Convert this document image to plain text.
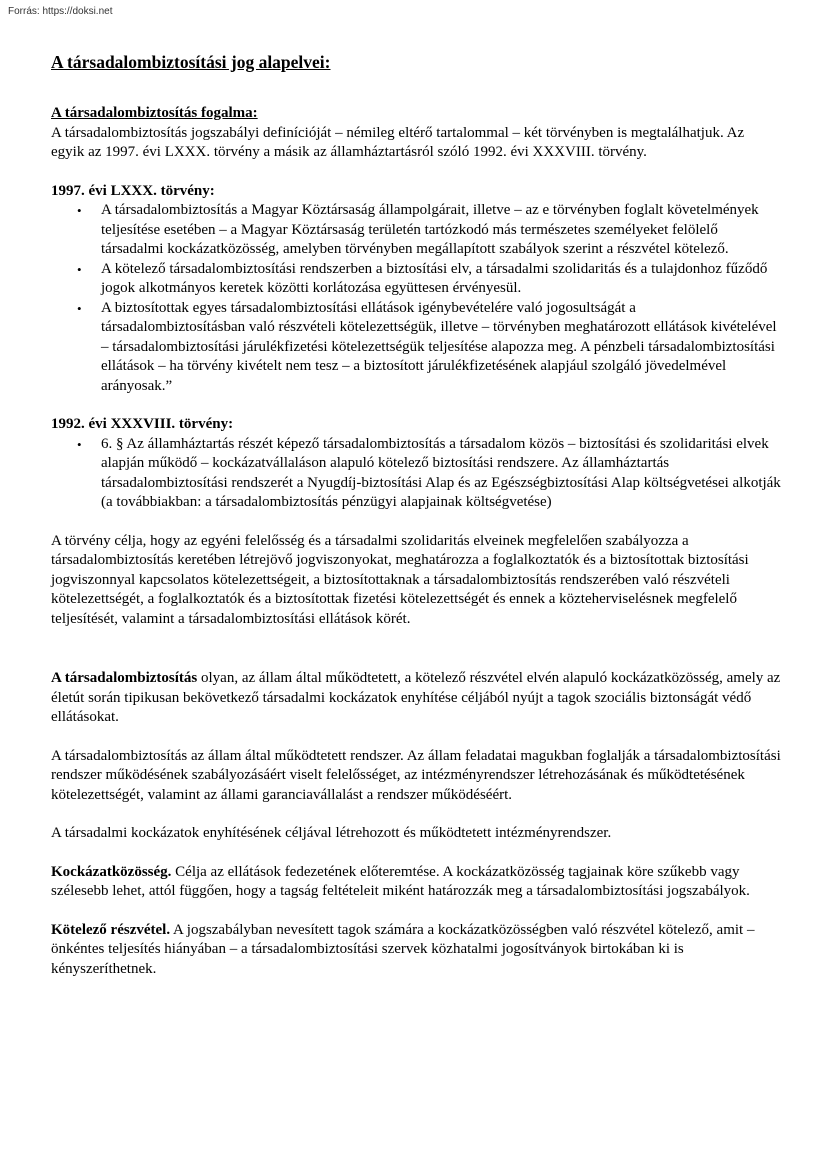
Forrás: https://doksi.net
A társadalombiztosítási jog alapelvei:

A társadalombiztosítás fogalma:

A társadalombiztosítás jogszabályi definícióját – némileg eltérő tartalommal – két törvényben is megtalálhatjuk. Az egyik az 1997. évi LXXX. törvény a másik az államháztartásról szóló 1992. évi XXXVIII. törvény.

1997. évi LXXX. törvény:

• A társadalombiztosítás a Magyar Köztársaság állampolgárait, illetve – az e törvényben foglalt követelmények teljesítése esetében – a Magyar Köztársaság területén tartózkodó más természetes személyeket felölelő társadalmi kockázatközösség, amelyben törvényben megállapított szabályok szerint a részvétel kötelező.
• A kötelező társadalombiztosítási rendszerben a biztosítási elv, a társadalmi szolidaritás és a tulajdonhoz fűződő jogok alkotmányos keretek közötti korlátozása együttesen érvényesül.
• A biztosítottak egyes társadalombiztosítási ellátások igénybevételére való jogosultságát a társadalombiztosításban való részvételi kötelezettségük, illetve – törvényben meghatározott ellátások kivételével – társadalombiztosítási járulékfizetési kötelezettségük teljesítése alapozza meg. A pénzbeli társadalombiztosítási ellátások – ha törvény kivételt nem tesz – a biztosított járulékfizetésének alapjául szolgáló jövedelmével arányosak.”

1992. évi XXXVIII. törvény:

• 6. § Az államháztartás részét képező társadalombiztosítás a társadalom közös – biztosítási és szolidaritási elvek alapján működő – kockázatvállaláson alapuló kötelező biztosítási rendszere. Az államháztartás társadalombiztosítási rendszerét a Nyugdíj-biztosítási Alap és az Egészségbiztosítási Alap költségvetései alkotják (a továbbiakban: a társadalombiztosítás pénzügyi alapjainak költségvetése)

A törvény célja, hogy az egyéni felelősség és a társadalmi szolidaritás elveinek megfelelően szabályozza a társadalombiztosítás keretében létrejövő jogviszonyokat, meghatározza a foglalkoztatók és a biztosítottak biztosítási jogviszonnyal kapcsolatos kötelezettségeit, a biztosítottaknak a társadalombiztosítás rendszerében való részvételi kötelezettségét, a foglalkoztatók és a biztosítottak fizetési kötelezettségét és ennek a közteherviselésnek megfelelő teljesítését, valamint a társadalombiztosítási ellátások körét.

A társadalombiztosítás olyan, az állam által működtetett, a kötelező részvétel elvén alapuló kockázatközösség, amely az életút során tipikusan bekövetkező társadalmi kockázatok enyhítése céljából nyújt a tagok szociális biztonságát védő ellátásokat.

A társadalombiztosítás az állam által működtetett rendszer. Az állam feladatai magukban foglalják a társadalombiztosítási rendszer működésének szabályozásáért viselt felelősséget, az intézményrendszer létrehozásának és működtetésének kötelezettségét, valamint az állami garanciavállalást a rendszer működéséért.

A társadalmi kockázatok enyhítésének céljával létrehozott és működtetett intézményrendszer.

Kockázatközösség. Célja az ellátások fedezetének előteremtése. A kockázatközösség tagjainak köre szűkebb vagy szélesebb lehet, attól függően, hogy a tagság feltételeit miként határozzák meg a társadalombiztosítási jogszabályok.

Kötelező részvétel. A jogszabályban nevesített tagok számára a kockázatközösségben való részvétel kötelező, amit – önkéntes teljesítés hiányában – a társadalombiztosítási szervek közhatalmi jogosítványok birtokában ki is kényszeríthetnek.
